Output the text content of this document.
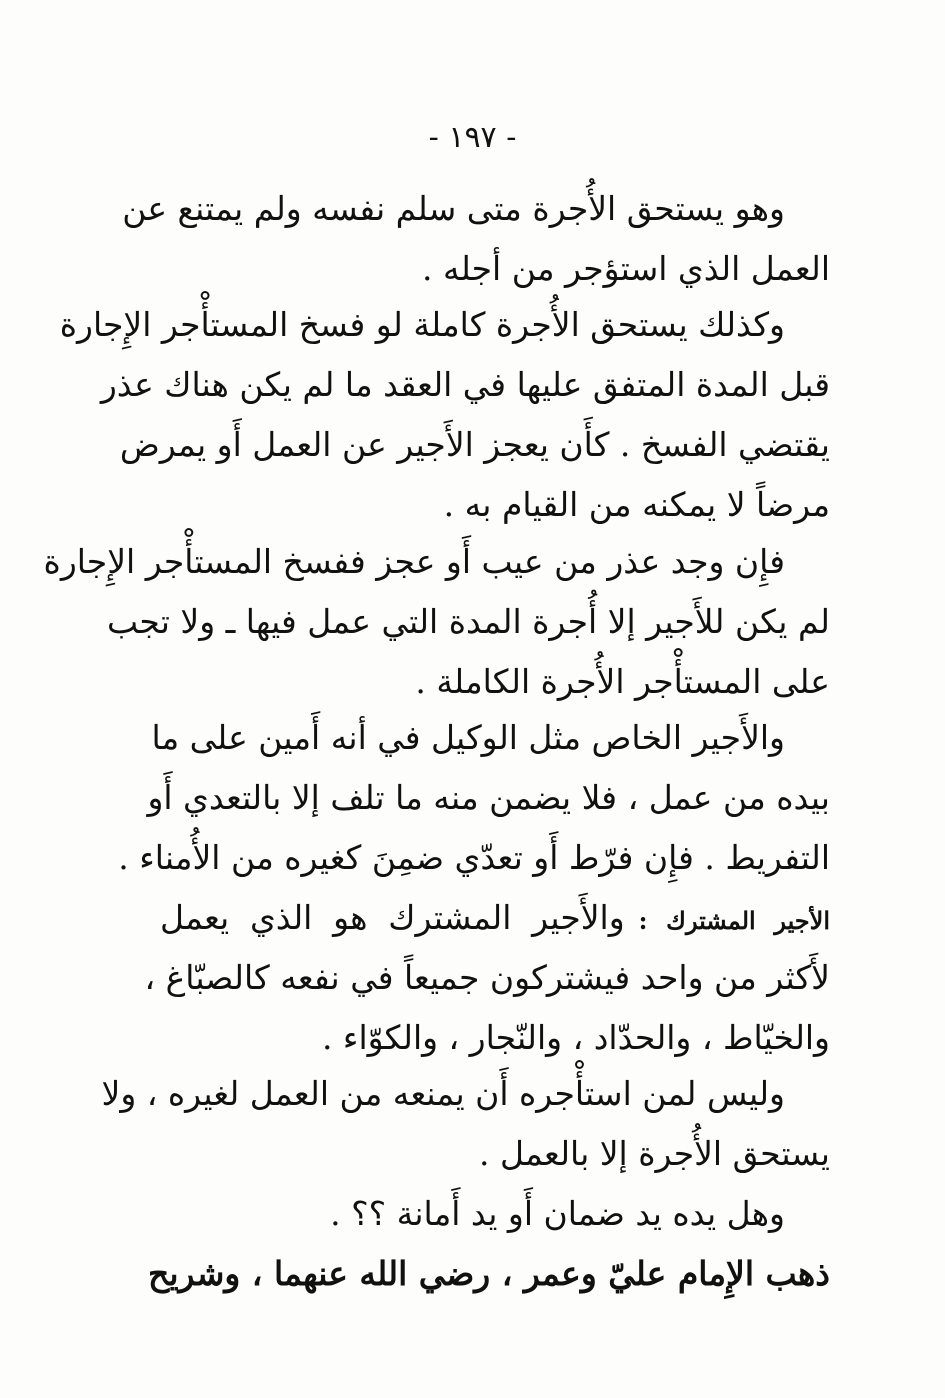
- ١٩٧ -
وهو يستحق الأُجرة متى سلم نفسه ولم يمتنع عن
العمل الذي استؤجر من أجله .
وكذلك يستحق الأُجرة كاملة لو فسخ المستأْجر الإِجارة
قبل المدة المتفق عليها في العقد ما لم يكن هناك عذر
يقتضي الفسخ . كأَن يعجز الأَجير عن العمل أَو يمرض
مرضاً لا يمكنه من القيام به .
فإِن وجد عذر من عيب أَو عجز ففسخ المستأْجر الإِجارة
لم يكن للأَجير إلا أُجرة المدة التي عمل فيها ـ ولا تجب
على المستأْجر الأُجرة الكاملة .
والأَجير الخاص مثل الوكيل في أنه أَمين على ما
بيده من عمل ، فلا يضمن منه ما تلف إلا بالتعدي أَو
التفريط . فإِن فرّط أَو تعدّي ضمِنَ كغيره من الأُمناء .
الأجير المشترك :والأَجير المشترك هو الذي يعمل
لأَكثر من واحد فيشتركون جميعاً في نفعه كالصبّاغ ،
والخيّاط ، والحدّاد ، والنّجار ، والكوّاء .
وليس لمن استأْجره أَن يمنعه من العمل لغيره ، ولا
يستحق الأُجرة إلا بالعمل .
وهل يده يد ضمان أَو يد أَمانة ؟؟ .
ذهب الإِمام عليّ وعمر ، رضي الله عنهما ، وشريح
